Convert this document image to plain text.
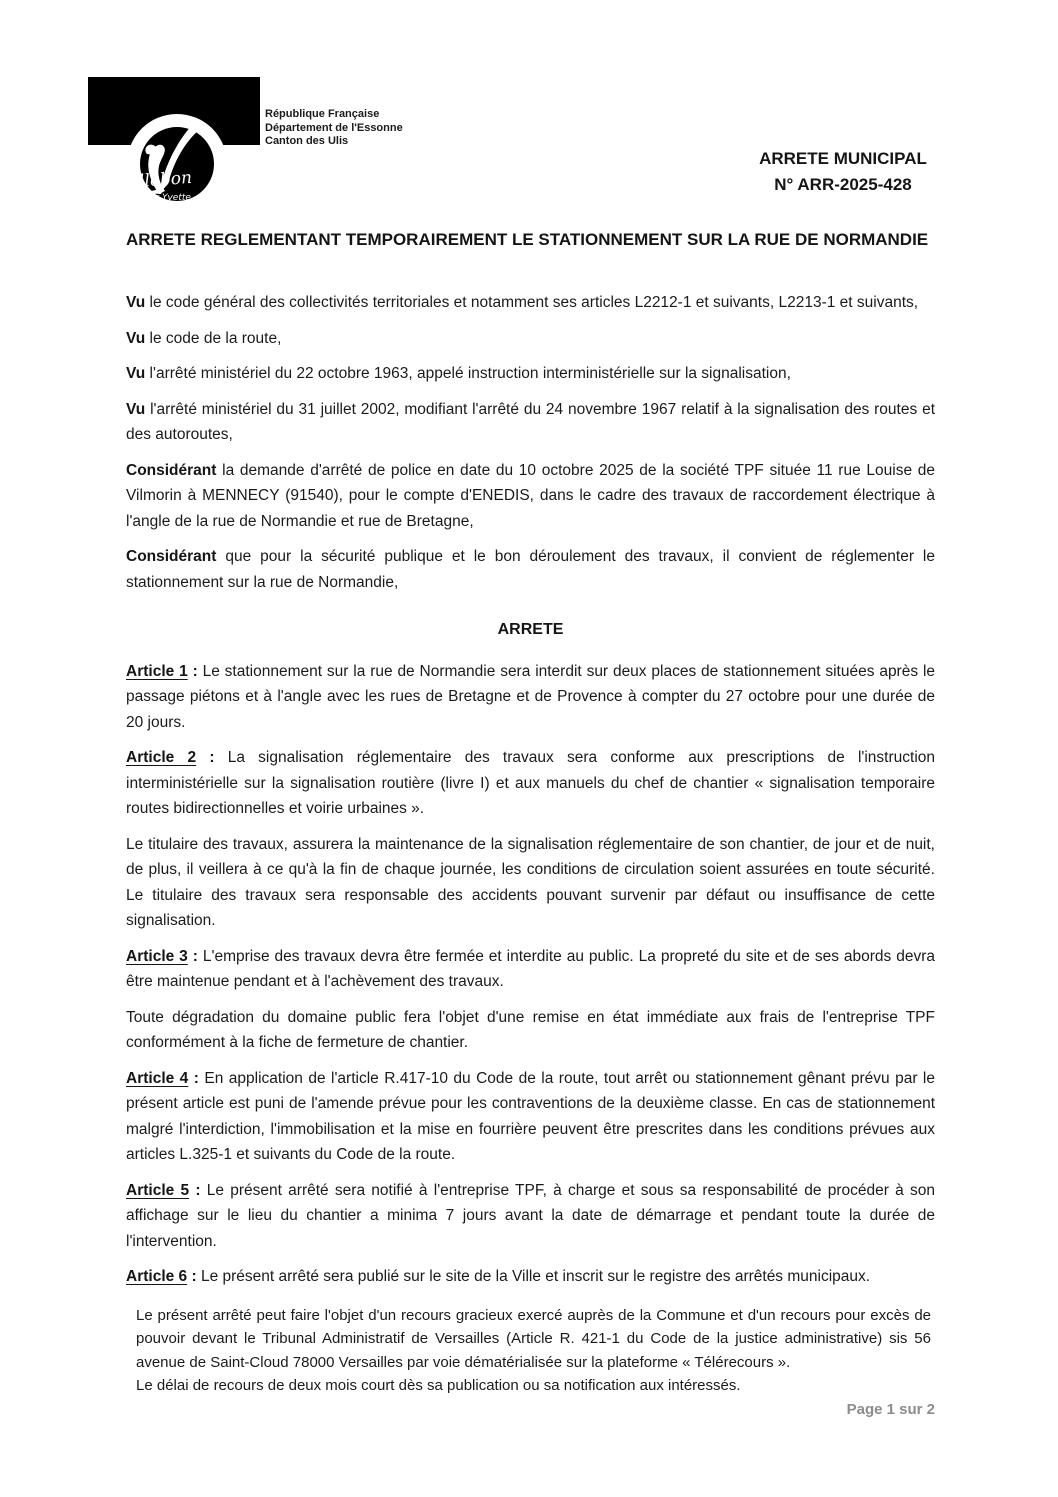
illebon
sur Yvette
République Française
Département de l'Essonne
Canton des Ulis
ARRETE MUNICIPAL
N° ARR-2025-428
ARRETE REGLEMENTANT TEMPORAIREMENT LE STATIONNEMENT SUR LA RUE DE NORMANDIE

Vu le code général des collectivités territoriales et notamment ses articles L2212-1 et suivants, L2213-1 et suivants,

Vu le code de la route,

Vu l'arrêté ministériel du 22 octobre 1963, appelé instruction interministérielle sur la signalisation,

Vu l'arrêté ministériel du 31 juillet 2002, modifiant l'arrêté du 24 novembre 1967 relatif à la signalisation des routes et des autoroutes,

Considérant la demande d'arrêté de police en date du 10 octobre 2025 de la société TPF située 11 rue Louise de Vilmorin à MENNECY (91540), pour le compte d'ENEDIS, dans le cadre des travaux de raccordement électrique à l'angle de la rue de Normandie et rue de Bretagne,

Considérant que pour la sécurité publique et le bon déroulement des travaux, il convient de réglementer le stationnement sur la rue de Normandie,

ARRETE

Article 1 : Le stationnement sur la rue de Normandie sera interdit sur deux places de stationnement situées après le passage piétons et à l'angle avec les rues de Bretagne et de Provence à compter du 27 octobre pour une durée de 20 jours.

Article 2 : La signalisation réglementaire des travaux sera conforme aux prescriptions de l'instruction interministérielle sur la signalisation routière (livre I) et aux manuels du chef de chantier « signalisation temporaire routes bidirectionnelles et voirie urbaines ».

Le titulaire des travaux, assurera la maintenance de la signalisation réglementaire de son chantier, de jour et de nuit, de plus, il veillera à ce qu'à la fin de chaque journée, les conditions de circulation soient assurées en toute sécurité. Le titulaire des travaux sera responsable des accidents pouvant survenir par défaut ou insuffisance de cette signalisation.

Article 3 : L'emprise des travaux devra être fermée et interdite au public. La propreté du site et de ses abords devra être maintenue pendant et à l'achèvement des travaux.

Toute dégradation du domaine public fera l'objet d'une remise en état immédiate aux frais de l'entreprise TPF conformément à la fiche de fermeture de chantier.

Article 4 : En application de l'article R.417-10 du Code de la route, tout arrêt ou stationnement gênant prévu par le présent article est puni de l'amende prévue pour les contraventions de la deuxième classe. En cas de stationnement malgré l'interdiction, l'immobilisation et la mise en fourrière peuvent être prescrites dans les conditions prévues aux articles L.325-1 et suivants du Code de la route.

Article 5 : Le présent arrêté sera notifié à l'entreprise TPF, à charge et sous sa responsabilité de procéder à son affichage sur le lieu du chantier a minima 7 jours avant la date de démarrage et pendant toute la durée de l'intervention.

Article 6 : Le présent arrêté sera publié sur le site de la Ville et inscrit sur le registre des arrêtés municipaux.

Le présent arrêté peut faire l'objet d'un recours gracieux exercé auprès de la Commune et d'un recours pour excès de pouvoir devant le Tribunal Administratif de Versailles (Article R. 421-1 du Code de la justice administrative) sis 56 avenue de Saint-Cloud 78000 Versailles par voie dématérialisée sur la plateforme « Télérecours ».

Le délai de recours de deux mois court dès sa publication ou sa notification aux intéressés.

Page 1 sur 2
